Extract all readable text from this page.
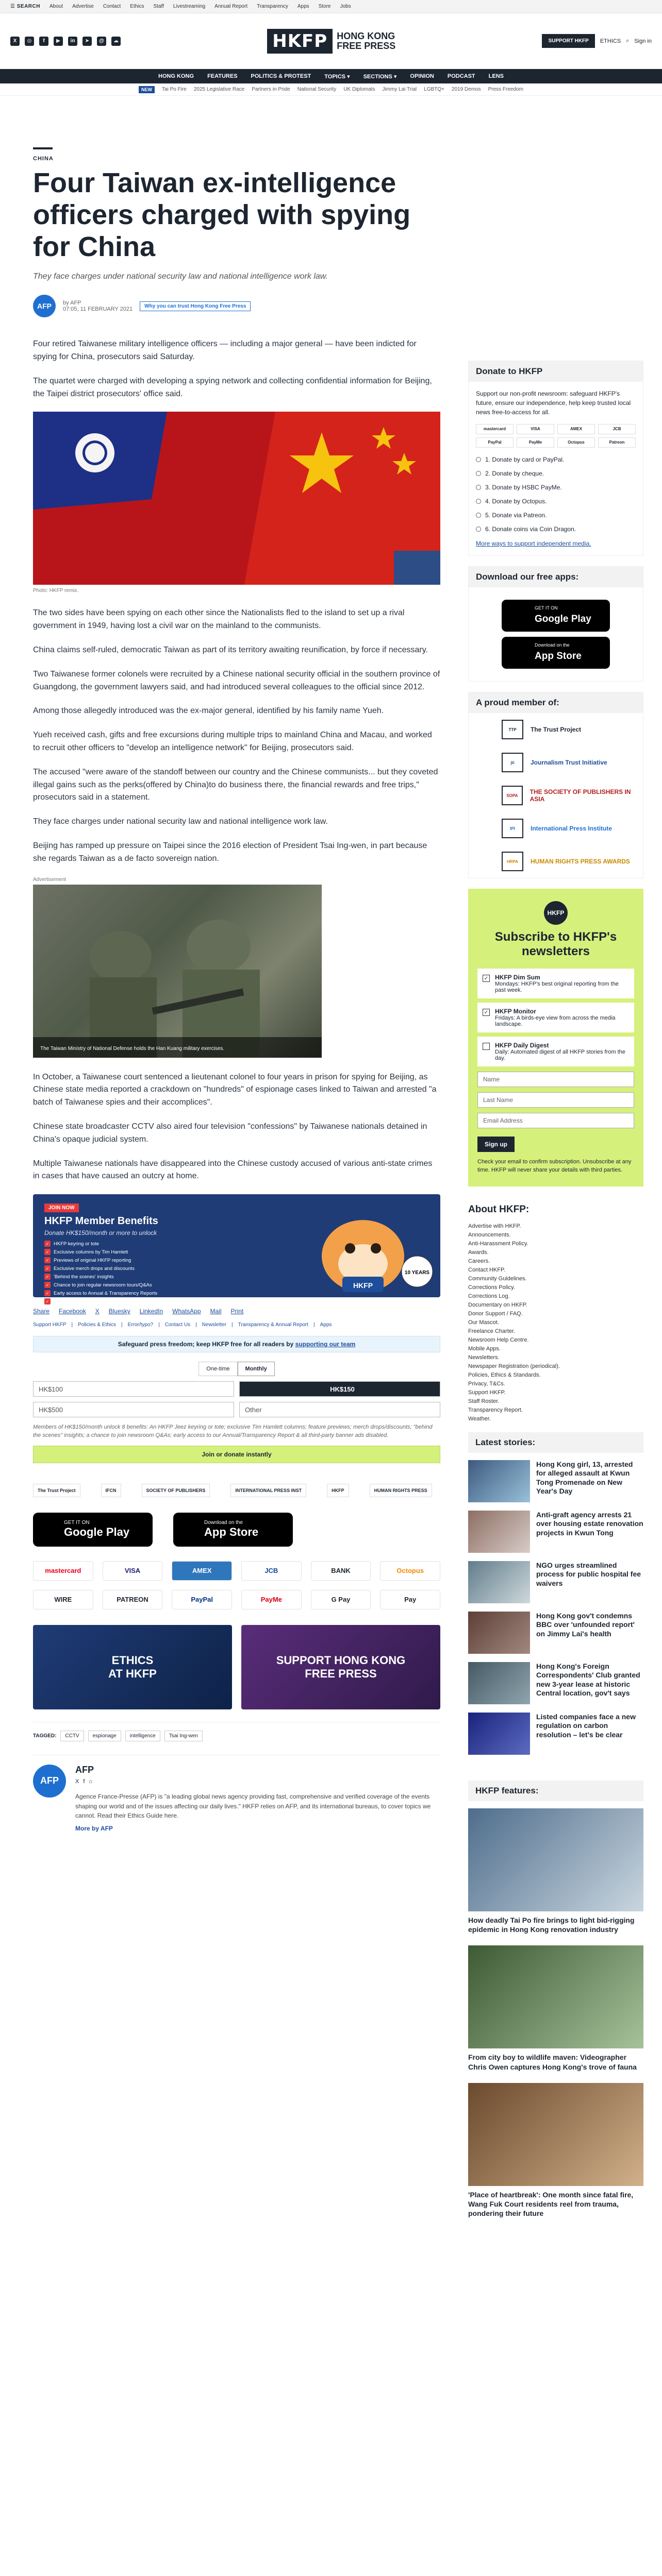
☰ SEARCH About Advertise Contact Ethics Staff Livestreaming Annual Report Transparency Apps Store Jobs
X	◎	f	▶	in	➤	@	☁	HKFP	HONG KONG
FREE PRESS	SUPPORT HKFP	ETHICS ⌕ Sign in
HONG KONG FEATURES POLITICS & PROTEST TOPICS ▾ SECTIONS ▾ OPINION PODCAST LENS
NEW	Tai Po Fire 2025 Legislative Race Partners in Pride National Security UK Diplomats Jimmy Lai Trial LGBTQ+ 2019 Demos Press Freedom
CHINA
Four Taiwan ex-intelligence officers charged with spying for China
They face charges under national security law and national intelligence work law.
AFP	by AFP
07:05, 11 FEBRUARY 2021	Why you can trust Hong Kong Free Press

Four retired Taiwanese military intelligence officers — including a major general — have been indicted for spying for China, prosecutors said Saturday.

The quartet were charged with developing a spying network and collecting confidential information for Beijing, the Taipei district prosecutors' office said.

Photo: HKFP remix.

The two sides have been spying on each other since the Nationalists fled to the island to set up a rival government in 1949, having lost a civil war on the mainland to the communists.

China claims self-ruled, democratic Taiwan as part of its territory awaiting reunification, by force if necessary.

Two Taiwanese former colonels were recruited by a Chinese national security official in the southern province of Guangdong, the government lawyers said, and had introduced several colleagues to the official since 2012.

Among those allegedly introduced was the ex-major general, identified by his family name Yueh.

Yueh received cash, gifts and free excursions during multiple trips to mainland China and Macau, and worked to recruit other officers to "develop an intelligence network" for Beijing, prosecutors said.

The accused "were aware of the standoff between our country and the Chinese communists... but they coveted illegal gains such as the perks(offered by China)to do business there, the financial rewards and free trips," prosecutors said in a statement.

They face charges under national security law and national intelligence work law.

Beijing has ramped up pressure on Taipei since the 2016 election of President Tsai Ing-wen, in part because she regards Taiwan as a de facto sovereign nation.

Advertisement
The Taiwan Ministry of National Defense holds the Han Kuang military exercises.

In October, a Taiwanese court sentenced a lieutenant colonel to four years in prison for spying for Beijing, as Chinese state media reported a crackdown on "hundreds" of espionage cases linked to Taiwan and arrested "a batch of Taiwanese spies and their accomplices".

Chinese state broadcaster CCTV also aired four television "confessions" by Taiwanese nationals detained in China's opaque judicial system.

Multiple Taiwanese nationals have disappeared into the Chinese custody accused of various anti-state crimes in cases that have caused an outcry at home.

JOIN NOW
HKFP Member Benefits
Donate HK$150/month or more to unlock
✓ HKFP keyring or tote
✓ Exclusive columns by Tim Hamlett
✓ Previews of original HKFP reporting
✓ Exclusive merch drops and discounts
✓ 'Behind the scenes' insights
✓ Chance to join regular newsroom tours/Q&As
✓ Early access to Annual & Transparency Reports
✓ All third-party banner ads disabled
HKFP
10 YEARS
Share Facebook X Bluesky LinkedIn WhatsApp Mail Print
Support HKFP | Policies & Ethics | Error/typo? | Contact Us | Newsletter | Transparency & Annual Report | Apps
Safeguard press freedom; keep HKFP free for all readers by
supporting our team
One-time	Monthly
HK$100	HK$150
HK$500	Other
Members of HK$150/month unlock 8 benefits: An HKFP Jeez keyring or tote; exclusive Tim Hamlett columns; feature previews; merch drops/discounts; "behind the scenes" insights; a chance to join newsroom Q&As; early access to our Annual/Transparency Report & all third-party banner ads disabled.
Join or donate instantly
The Trust Project	IFCN	SOCIETY OF PUBLISHERS	INTERNATIONAL PRESS INST	HKFP	HUMAN RIGHTS PRESS
GET IT ON
Google Play
Download on the
App Store
mastercard	VISA	AMEX	JCB	BANK	Octopus
WIRE	PATREON	PayPal	PayMe	G Pay	Pay
ETHICS
AT HKFP
SUPPORT HONG KONG
FREE PRESS
TAGGED:	CCTV	espionage	intelligence	Tsai Ing-wen
AFP
AFP
X f ⌂

Agence France-Presse (AFP) is "a leading global news agency providing fast, comprehensive and verified coverage of the events shaping our world and of the issues affecting our daily lives." HKFP relies on AFP, and its international bureaus, to cover topics we cannot. Read their Ethics Guide here.

More by AFP

Donate to HKFP
Support our non-profit newsroom: safeguard HKFP's future, ensure our independence, help keep trusted local news free-to-access for all.
mastercard	VISA	AMEX	JCB
PayPal	PayMe	Octopus	Patreon
1. Donate by card or PayPal.
2. Donate by cheque.
3. Donate by HSBC PayMe.
4. Donate by Octopus.
5. Donate via Patreon.
6. Donate coins via Coin Dragon.
More ways to support independent media.
Download our free apps:
GET IT ON
Google Play
Download on the
App Store
A proud member of:
TTP	The Trust Project
jti	Journalism Trust Initiative
SOPA	THE SOCIETY OF PUBLISHERS IN ASIA
IPI	International Press Institute
HRPA	HUMAN RIGHTS PRESS AWARDS
HKFP
Subscribe to HKFP's newsletters
✓ HKFP Dim Sum
Mondays: HKFP's best original reporting from the past week.
✓ HKFP Monitor
Fridays: A birds-eye view from across the media landscape.
HKFP Daily Digest
Daily: Automated digest of all HKFP stories from the day.
Name
Last Name
Email Address
Sign up
Check your email to confirm subscription. Unsubscribe at any time. HKFP will never share your details with third parties.
About HKFP:
Advertise with HKFP.
Announcements.
Anti-Harassment Policy.
Awards.
Careers.
Contact HKFP.
Community Guidelines.
Corrections Policy.
Corrections Log.
Documentary on HKFP.
Donor Support / FAQ.
Our Mascot.
Freelance Charter.
Newsroom Help Centre.
Mobile Apps.
Newsletters.
Newspaper Registration (periodical).
Policies, Ethics & Standards.
Privacy, T&Cs.
Support HKFP.
Staff Roster.
Transparency Report.
Weather.
Latest stories:
Hong Kong girl, 13, arrested for alleged assault at Kwun Tong Promenade on New Year's Day
Anti-graft agency arrests 21 over housing estate renovation projects in Kwun Tong
NGO urges streamlined process for public hospital fee waivers
Hong Kong gov't condemns BBC over 'unfounded report' on Jimmy Lai's health
Hong Kong's Foreign Correspondents' Club granted new 3-year lease at historic Central location, gov't says
Listed companies face a new regulation on carbon resolution – let's be clear
HKFP features:
How deadly Tai Po fire brings to light bid-rigging epidemic in Hong Kong renovation industry
From city boy to wildlife maven: Videographer Chris Owen captures Hong Kong's trove of fauna
'Place of heartbreak': One month since fatal fire, Wang Fuk Court residents reel from trauma, pondering their future
